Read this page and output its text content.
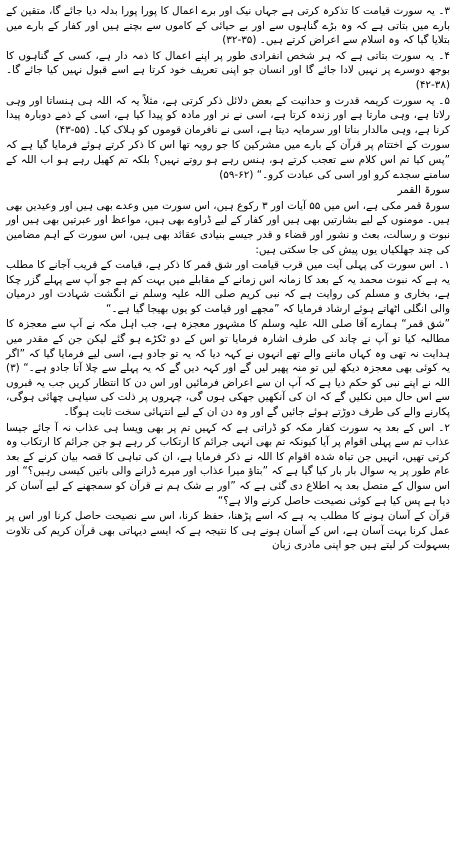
۳۔ یہ سورت قیامت کا تذکرہ کرتی ہے جہاں نیک اور برے اعمال کا پورا پورا بدلہ دیا جائے گا، متقین کے بارے میں بتاتی ہے کہ وہ بڑے گناہوں سے اور بے حیائی کے کاموں سے بچتے ہیں اور کفار کے بارے میں بتلایا گیا کہ وہ اسلام سے اعراض کرتے ہیں۔ (۳۵-۳۲)

۴۔ یہ سورت بتاتی ہے کہ ہر شخص انفرادی طور پر اپنے اعمال کا ذمہ دار ہے، کسی کے گناہوں کا بوجھ دوسرے پر نہیں لادا جائے گا اور انسان جو اپنی تعریف خود کرتا ہے اسے قبول نہیں کیا جائے گا۔ (۳۸-۴۲)

۵۔ یہ سورت کریمہ قدرت و حدانیت کے بعض دلائل ذکر کرتی ہے، مثلاً یہ کہ اللہ ہی ہنساتا اور وہی رلاتا ہے، وہی مارتا ہے اور زندہ کرتا ہے، اسی نے نر اور مادہ کو پیدا کیا ہے، اسی کے ذمے دوبارہ پیدا کرنا ہے، وہی مالدار بناتا اور سرمایہ دیتا ہے، اسی نے نافرمان قوموں کو ہلاک کیا۔ (۵۵-۴۳)

سورت کے اختتام پر قرآن کے بارے میں مشرکین کا جو رویہ تھا اس کا ذکر کرتے ہوئے فرمایا گیا ہے کہ ”پس کیا تم اس کلام سے تعجب کرتے ہو، ہنس رہے ہو روتے نہیں؟ بلکہ تم کھیل رہے ہو اب اللہ کے سامنے سجدے کرو اور اسی کی عبادت کرو۔“ (۶۲-۵۹)

سورۃ القمر

سورۃ قمر مکی ہے، اس میں ۵۵ آیات اور ۳ رکوع ہیں، اس سورت میں وعدے بھی ہیں اور وعیدیں بھی ہیں۔ مومنوں کے لیے بشارتیں بھی ہیں اور کفار کے لیے ڈراوے بھی ہیں، مواعظ اور عبرتیں بھی ہیں اور نبوت و رسالت، بعث و نشور اور قضاء و قدر جیسے بنیادی عقائد بھی ہیں، اس سورت کے اہم مضامین کی چند جھلکیاں یوں پیش کی جا سکتی ہیں:

۱۔ اس سورت کی پہلی آیت میں قرب قیامت اور شق قمر کا ذکر ہے، قیامت کے قریب آجانے کا مطلب یہ ہے کہ نبوت محمد یہ کے بعد کا زمانہ اس زمانے کے مقابلے میں بہت کم ہے جو آپ سے پہلے گزر چکا ہے، بخاری و مسلم کی روایت ہے کہ نبی کریم صلی اللہ علیہ وسلم نے انگشت شہادت اور درمیان والی انگلی اٹھاتے ہوئے ارشاد فرمایا کہ ”مجھے اور قیامت کو یوں بھیجا گیا ہے۔“

”شق قمر“ ہمارے آقا صلی اللہ علیہ وسلم کا مشہور معجزہ ہے، جب اہل مکہ نے آپ سے معجزہ کا مطالبہ کیا تو آپ نے چاند کی طرف اشارہ فرمایا تو اس کے دو ٹکڑے ہو گئے لیکن جن کے مقدر میں ہدایت نہ تھی وہ کہاں ماننے والے تھے انہوں نے کہہ دیا کہ یہ تو جادو ہے، اسی لیے فرمایا گیا کہ ”اگر یہ کوئی بھی معجزہ دیکھ لیں تو منہ پھیر لیں گے اور کہہ دیں گے کہ یہ پہلے سے چلا آتا جادو ہے۔“ (۳) اللہ نے اپنے نبی کو حکم دیا ہے کہ آپ ان سے اعراض فرمائیں اور اس دن کا انتظار کریں جب یہ قبروں سے اس حال میں نکلیں گے کہ ان کی آنکھیں جھکی ہوں گی، چہروں پر ذلت کی سیاہی چھائی ہوگی، پکارنے والے کی طرف دوڑتے ہوئے جائیں گے اور وہ دن ان کے لیے انتہائی سخت ثابت ہوگا۔

۲۔ اس کے بعد یہ سورت کفار مکہ کو ڈراتی ہے کہ کہیں تم پر بھی ویسا ہی عذاب نہ آ جائے جیسا عذاب تم سے پہلی اقوام پر آیا کیونکہ تم بھی انہی جرائم کا ارتکاب کر رہے ہو جن جرائم کا ارتکاب وہ کرتی تھیں، انہیں جن تباہ شدہ اقوام کا اللہ نے ذکر فرمایا ہے، ان کی تباہی کا قصہ بیان کرنے کے بعد عام طور پر یہ سوال بار بار کیا گیا ہے کہ ”بتاؤ میرا عذاب اور میرے ڈرانے والی باتیں کیسی رہیں؟“ اور اس سوال کے متصل بعد یہ اطلاع دی گئی ہے کہ ”اور بے شک ہم نے قرآن کو سمجھنے کے لیے آسان کر دیا ہے پس کیا ہے کوئی نصیحت حاصل کرنے والا ہے؟“

قرآن کے آسان ہونے کا مطلب یہ ہے کہ اسے پڑھنا، حفظ کرنا، اس سے نصیحت حاصل کرنا اور اس پر عمل کرنا بہت آسان ہے، اس کے آسان ہونے ہی کا نتیجہ ہے کہ ایسے دیہاتی بھی قرآن کریم کی تلاوت بسہولت کر لیتے ہیں جو اپنی مادری زبان
